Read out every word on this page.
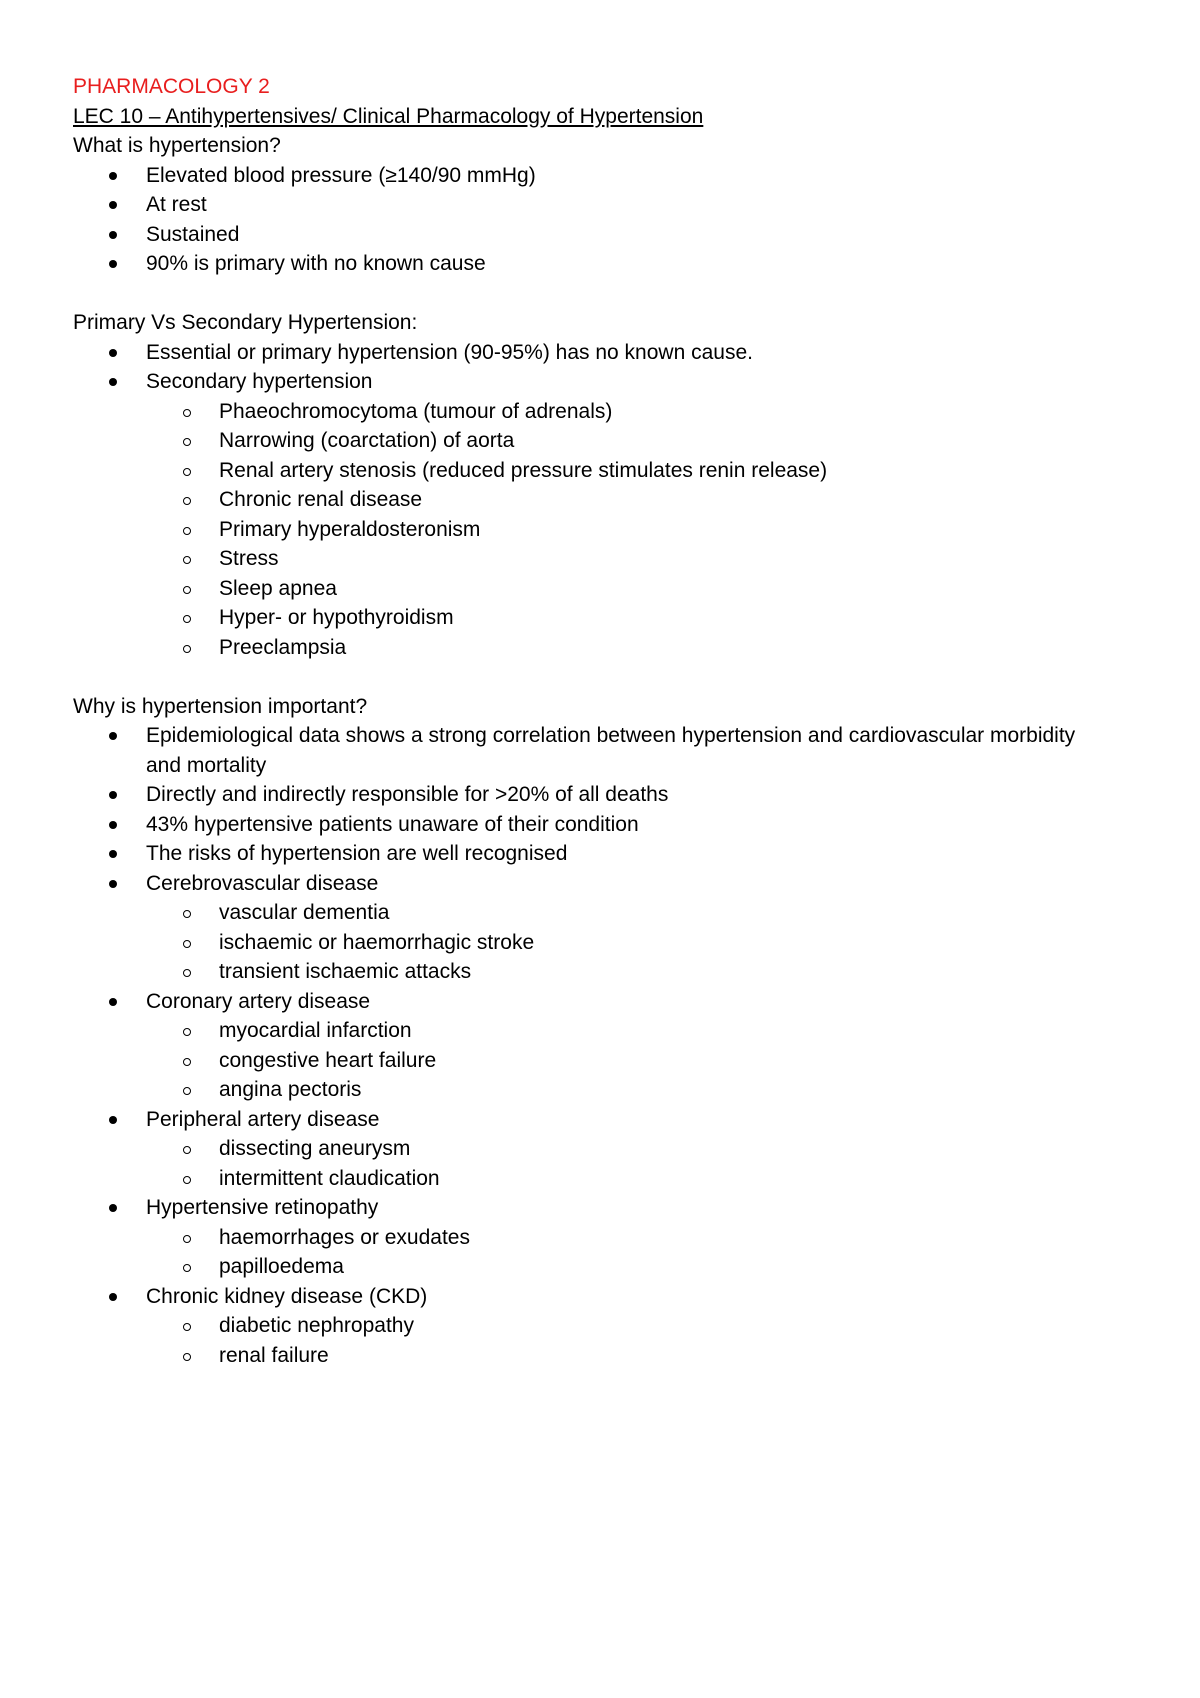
PHARMACOLOGY 2
LEC 10 – Antihypertensives/ Clinical Pharmacology of Hypertension
What is hypertension?
Elevated blood pressure (≥140/90 mmHg)
At rest
Sustained
90% is primary with no known cause
Primary Vs Secondary Hypertension:
Essential or primary hypertension (90-95%) has no known cause.
Secondary hypertension
Phaeochromocytoma (tumour of adrenals)
Narrowing (coarctation) of aorta
Renal artery stenosis (reduced pressure stimulates renin release)
Chronic renal disease
Primary hyperaldosteronism
Stress
Sleep apnea
Hyper- or hypothyroidism
Preeclampsia
Why is hypertension important?
Epidemiological data shows a strong correlation between hypertension and cardiovascular morbidity and mortality
Directly and indirectly responsible for >20% of all deaths
43% hypertensive patients unaware of their condition
The risks of hypertension are well recognised
Cerebrovascular disease
vascular dementia
ischaemic or haemorrhagic stroke
transient ischaemic attacks
Coronary artery disease
myocardial infarction
congestive heart failure
angina pectoris
Peripheral artery disease
dissecting aneurysm
intermittent claudication
Hypertensive retinopathy
haemorrhages or exudates
papilloedema
Chronic kidney disease (CKD)
diabetic nephropathy
renal failure
